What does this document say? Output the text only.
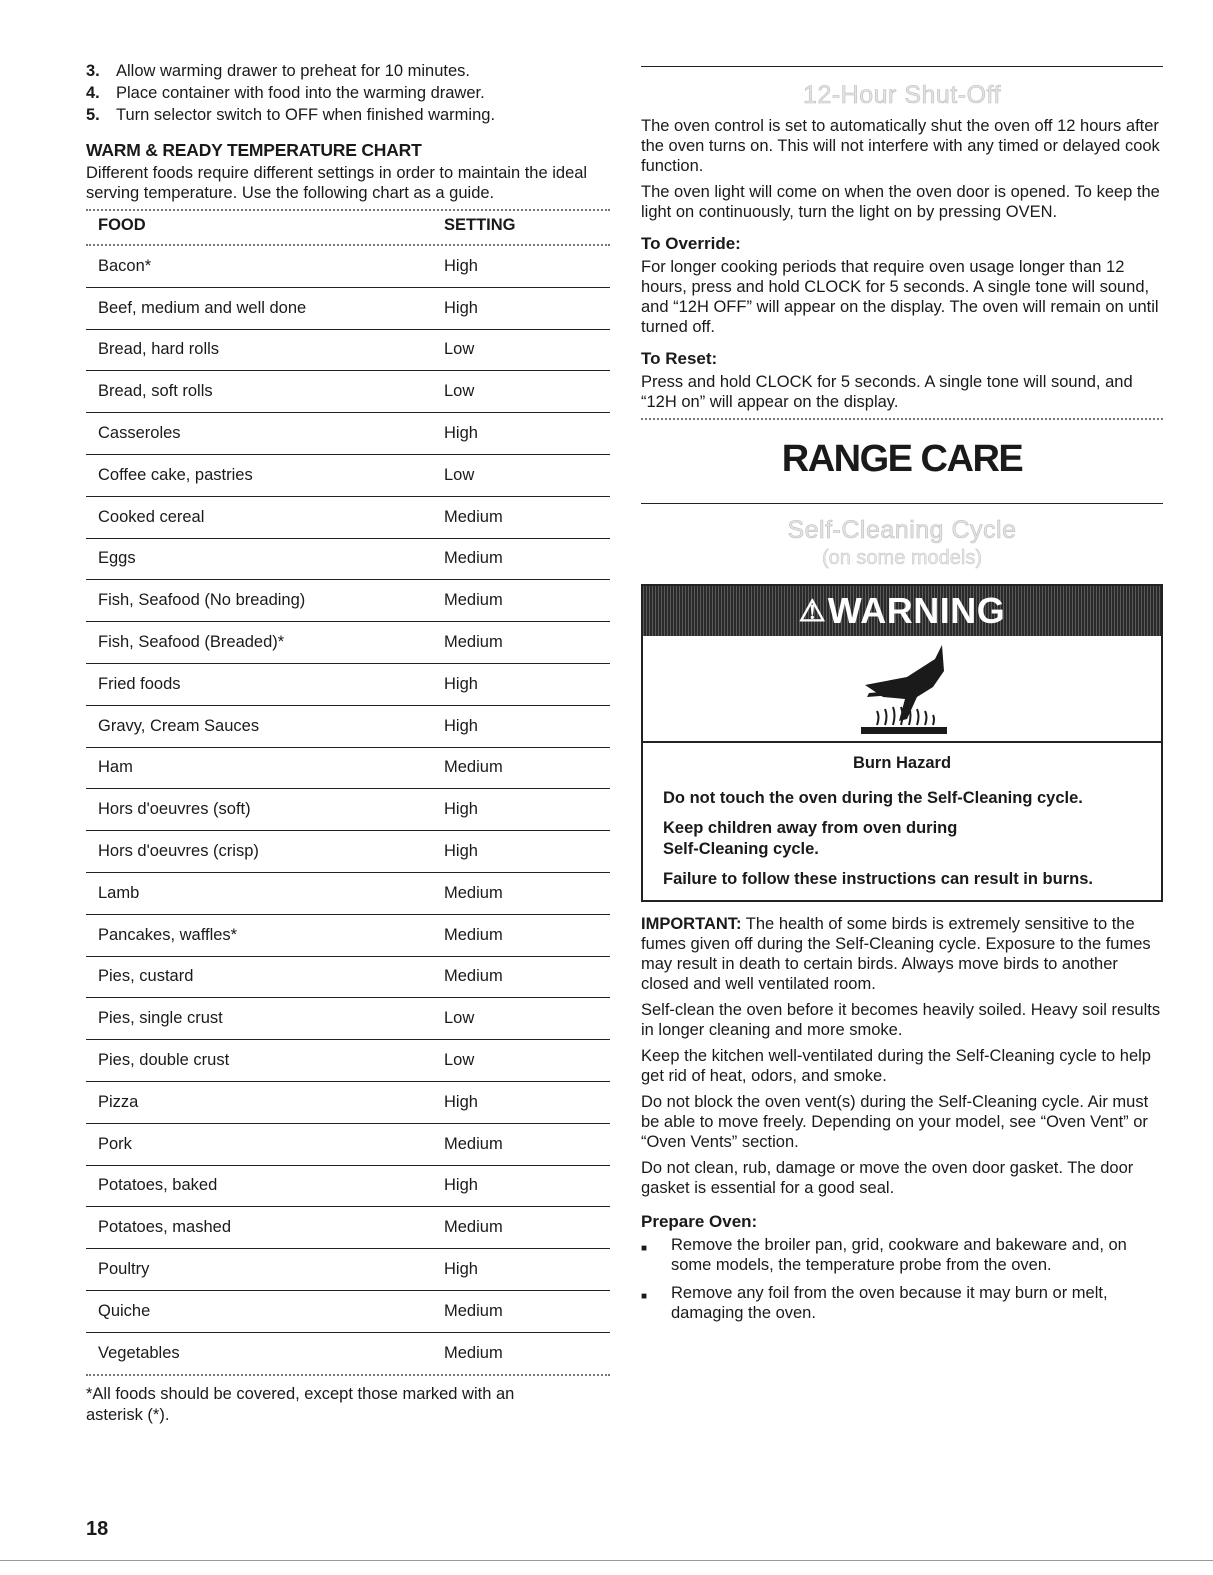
3. Allow warming drawer to preheat for 10 minutes.
4. Place container with food into the warming drawer.
5. Turn selector switch to OFF when finished warming.
WARM & READY TEMPERATURE CHART

Different foods require different settings in order to maintain the ideal serving temperature. Use the following chart as a guide.

FOOD	SETTING
Bacon*	High
Beef, medium and well done	High
Bread, hard rolls	Low
Bread, soft rolls	Low
Casseroles	High
Coffee cake, pastries	Low
Cooked cereal	Medium
Eggs	Medium
Fish, Seafood (No breading)	Medium
Fish, Seafood (Breaded)*	Medium
Fried foods	High
Gravy, Cream Sauces	High
Ham	Medium
Hors d'oeuvres (soft)	High
Hors d'oeuvres (crisp)	High
Lamb	Medium
Pancakes, waffles*	Medium
Pies, custard	Medium
Pies, single crust	Low
Pies, double crust	Low
Pizza	High
Pork	Medium
Potatoes, baked	High
Potatoes, mashed	Medium
Poultry	High
Quiche	Medium
Vegetables	Medium

*All foods should be covered, except those marked with an asterisk (*).

12-Hour Shut-Off

The oven control is set to automatically shut the oven off 12 hours after the oven turns on. This will not interfere with any timed or delayed cook function.

The oven light will come on when the oven door is opened. To keep the light on continuously, turn the light on by pressing OVEN.

To Override:

For longer cooking periods that require oven usage longer than 12 hours, press and hold CLOCK for 5 seconds. A single tone will sound, and “12H OFF” will appear on the display. The oven will remain on until turned off.

To Reset:

Press and hold CLOCK for 5 seconds. A single tone will sound, and “12H on” will appear on the display.

RANGE CARE
Self-Cleaning Cycle
(on some models)
⚠ WARNING
Burn Hazard

Do not touch the oven during the Self-Cleaning cycle.

Keep children away from oven during

Self-Cleaning cycle.

Failure to follow these instructions can result in burns.

IMPORTANT: The health of some birds is extremely sensitive to the fumes given off during the Self-Cleaning cycle. Exposure to the fumes may result in death to certain birds. Always move birds to another closed and well ventilated room.

Self-clean the oven before it becomes heavily soiled. Heavy soil results in longer cleaning and more smoke.

Keep the kitchen well-ventilated during the Self-Cleaning cycle to help get rid of heat, odors, and smoke.

Do not block the oven vent(s) during the Self-Cleaning cycle. Air must be able to move freely. Depending on your model, see “Oven Vent” or “Oven Vents” section.

Do not clean, rub, damage or move the oven door gasket. The door gasket is essential for a good seal.

Prepare Oven:
■	Remove the broiler pan, grid, cookware and bakeware and, on some models, the temperature probe from the oven.
■	Remove any foil from the oven because it may burn or melt, damaging the oven.
18
